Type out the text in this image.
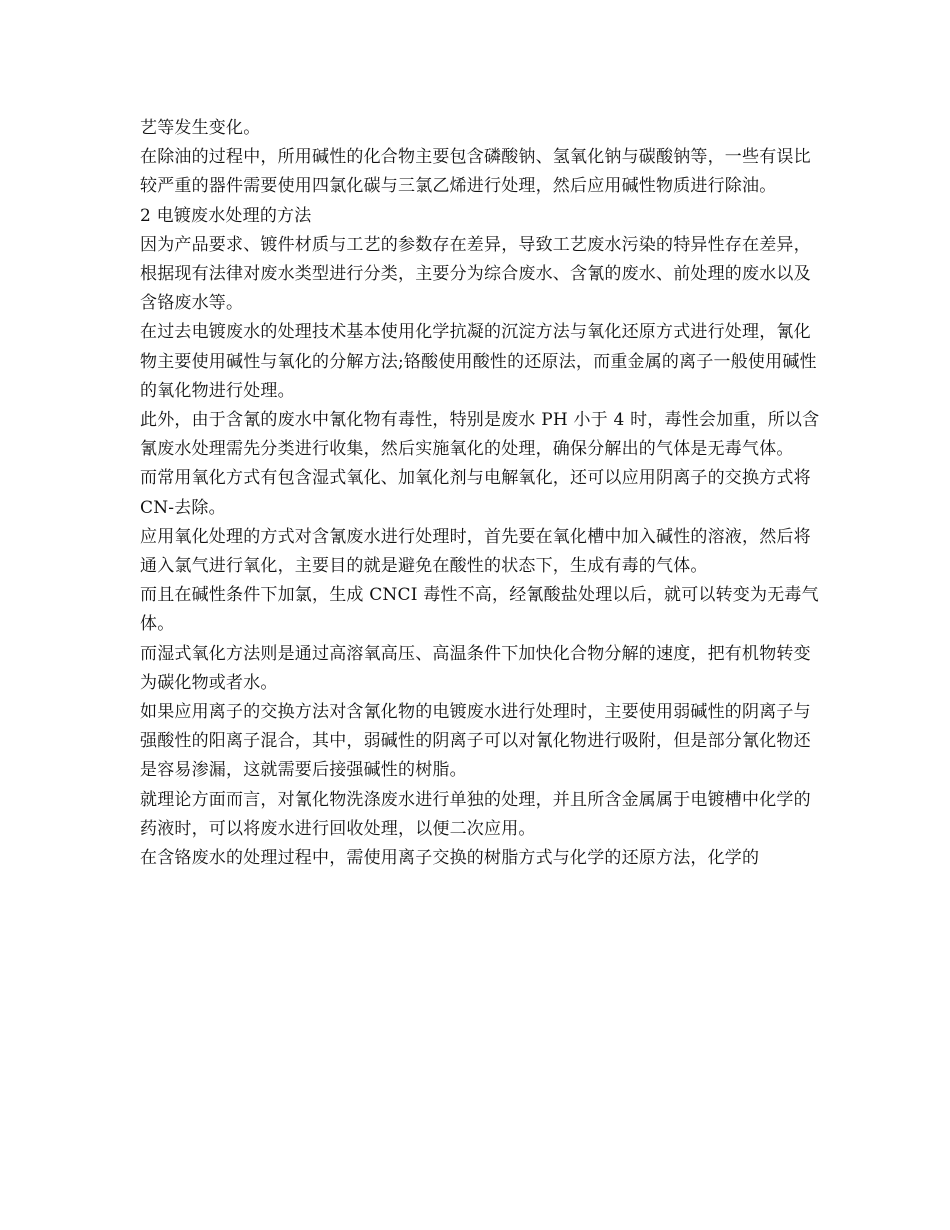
艺等发生变化。

在除油的过程中，所用碱性的化合物主要包含磷酸钠、氢氧化钠与碳酸钠等，一些有误比较严重的器件需要使用四氯化碳与三氯乙烯进行处理，然后应用碱性物质进行除油。

2 电镀废水处理的方法

因为产品要求、镀件材质与工艺的参数存在差异，导致工艺废水污染的特异性存在差异，根据现有法律对废水类型进行分类，主要分为综合废水、含氰的废水、前处理的废水以及含铬废水等。

在过去电镀废水的处理技术基本使用化学抗凝的沉淀方法与氧化还原方式进行处理，氰化物主要使用碱性与氧化的分解方法;铬酸使用酸性的还原法，而重金属的离子一般使用碱性的氧化物进行处理。

此外，由于含氰的废水中氰化物有毒性，特别是废水 PH 小于 4 时，毒性会加重，所以含氰废水处理需先分类进行收集，然后实施氧化的处理，确保分解出的气体是无毒气体。

而常用氧化方式有包含湿式氧化、加氧化剂与电解氧化，还可以应用阴离子的交换方式将 CN-去除。

应用氧化处理的方式对含氰废水进行处理时，首先要在氧化槽中加入碱性的溶液，然后将通入氯气进行氧化，主要目的就是避免在酸性的状态下，生成有毒的气体。

而且在碱性条件下加氯，生成 CNCI 毒性不高，经氰酸盐处理以后，就可以转变为无毒气体。

而湿式氧化方法则是通过高溶氧高压、高温条件下加快化合物分解的速度，把有机物转变为碳化物或者水。

如果应用离子的交换方法对含氰化物的电镀废水进行处理时，主要使用弱碱性的阴离子与强酸性的阳离子混合，其中，弱碱性的阴离子可以对氰化物进行吸附，但是部分氰化物还是容易渗漏，这就需要后接强碱性的树脂。

就理论方面而言，对氰化物洗涤废水进行单独的处理，并且所含金属属于电镀槽中化学的药液时，可以将废水进行回收处理，以便二次应用。

在含铬废水的处理过程中，需使用离子交换的树脂方式与化学的还原方法，化学的
